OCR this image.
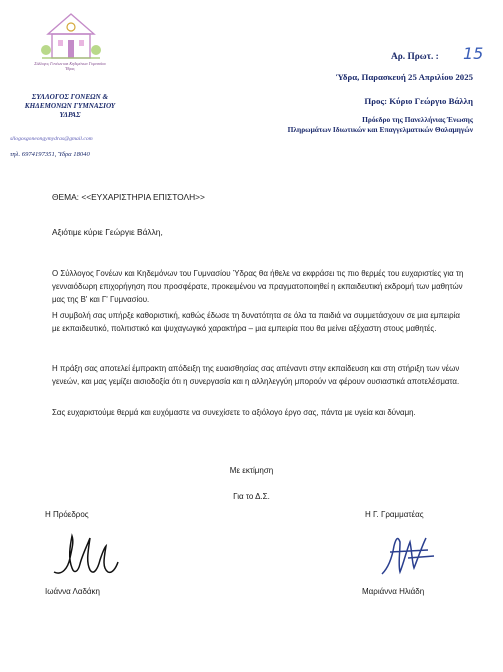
Σύλλογος Γονέων και Κηδεμόνων Γυμνασίου Ύδρας
ΣΥΛΛΟΓΟΣ ΓΟΝΕΩΝ &
ΚΗΔΕΜΟΝΩΝ ΓΥΜΝΑΣΙΟΥ
ΥΔΡΑΣ
sllogosgoneongymydras@gmail.com
τηλ. 6974197351, Ύδρα 18040
Αρ. Πρωτ. : 15
Ύδρα, Παρασκευή 25 Απριλίου 2025
Προς: Κύριο Γεώργιο Βάλλη
Πρόεδρο της Πανελλήνιας Ένωσης
Πληρωμάτων Ιδιωτικών και Επαγγελματικών Θαλαμηγών
ΘΕΜΑ: <<ΕΥΧΑΡΙΣΤΗΡΙΑ ΕΠΙΣΤΟΛΗ>>
Αξιότιμε κύριε Γεώργιε Βάλλη,
Ο Σύλλογος Γονέων και Κηδεμόνων του Γυμνασίου Ύδρας θα ήθελε να εκφράσει τις πιο θερμές του ευχαριστίες για τη γενναιόδωρη επιχορήγηση που προσφέρατε, προκειμένου να πραγματοποιηθεί η εκπαιδευτική εκδρομή των μαθητών μας της Β' και Γ' Γυμνασίου.
Η συμβολή σας υπήρξε καθοριστική, καθώς έδωσε τη δυνατότητα σε όλα τα παιδιά να συμμετάσχουν σε μια εμπειρία με εκπαιδευτικό, πολιτιστικό και ψυχαγωγικό χαρακτήρα – μια εμπειρία που θα μείνει αξέχαστη στους μαθητές.
Η πράξη σας αποτελεί έμπρακτη απόδειξη της ευαισθησίας σας απέναντι στην εκπαίδευση και στη στήριξη των νέων γενεών, και μας γεμίζει αισιοδοξία ότι η συνεργασία και η αλληλεγγύη μπορούν να φέρουν ουσιαστικά αποτελέσματα.
Σας ευχαριστούμε θερμά και ευχόμαστε να συνεχίσετε το αξιόλογο έργο σας, πάντα με υγεία και δύναμη.
Με εκτίμηση
Για το Δ.Σ.
Η Πρόεδρος	Η Γ. Γραμματέας
Ιωάννα Λαδάκη	Μαριάννα Ηλιάδη
